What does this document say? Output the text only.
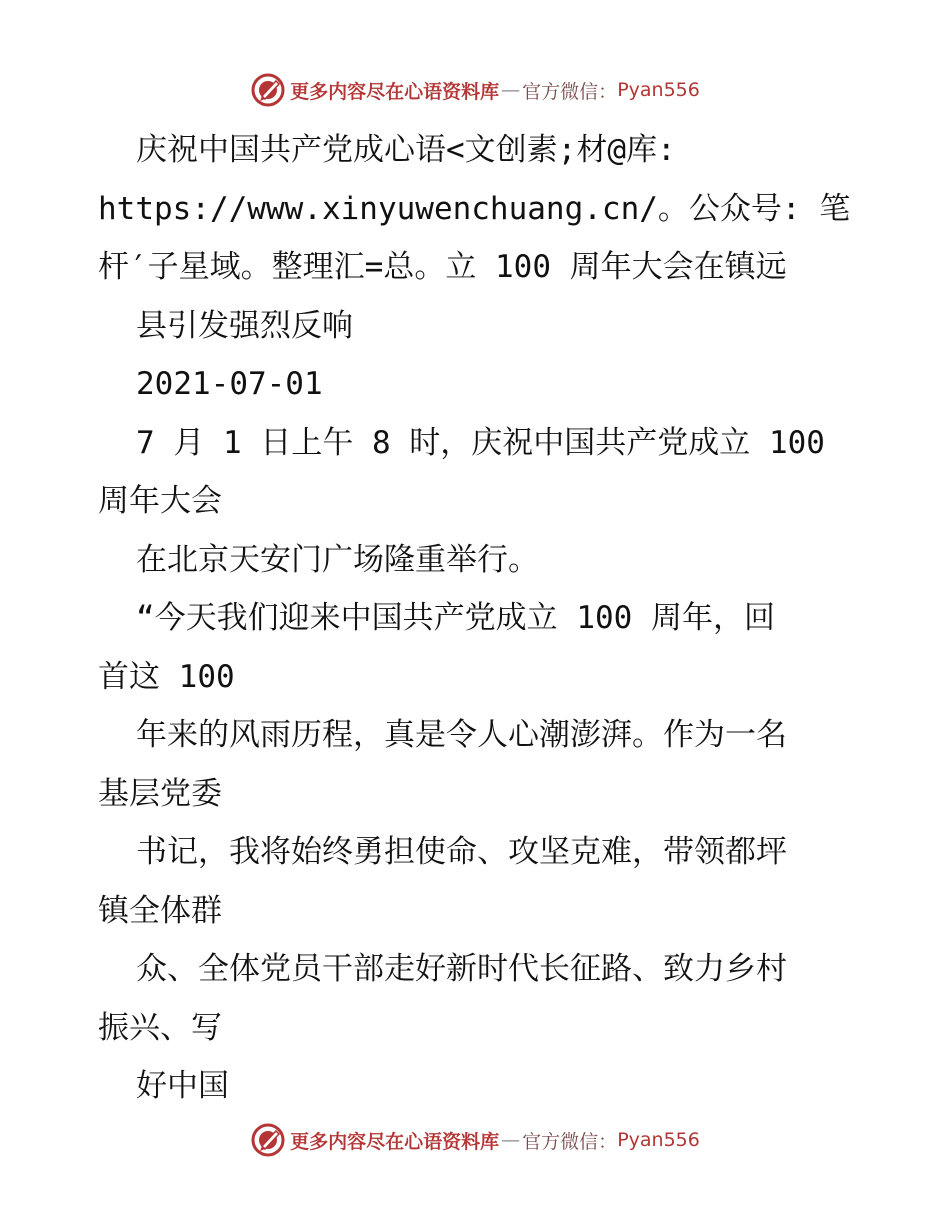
更多内容尽在心语资料库 — 官方微信： Pyan556
庆祝中国共产党成心语<文创素;材@库:
https://www.xinyuwenchuang.cn/。公众号: 笔
杆′子星域。整理汇=总。立 100 周年大会在镇远
县引发强烈反响
2021-07-01
7 月 1 日上午 8 时，庆祝中国共产党成立 100
周年大会
在北京天安门广场隆重举行。
“今天我们迎来中国共产党成立 100 周年，回
首这 100
年来的风雨历程，真是令人心潮澎湃。作为一名
基层党委
书记，我将始终勇担使命、攻坚克难，带领都坪
镇全体群
众、全体党员干部走好新时代长征路、致力乡村
振兴、写
好中国
更多内容尽在心语资料库 — 官方微信： Pyan556
